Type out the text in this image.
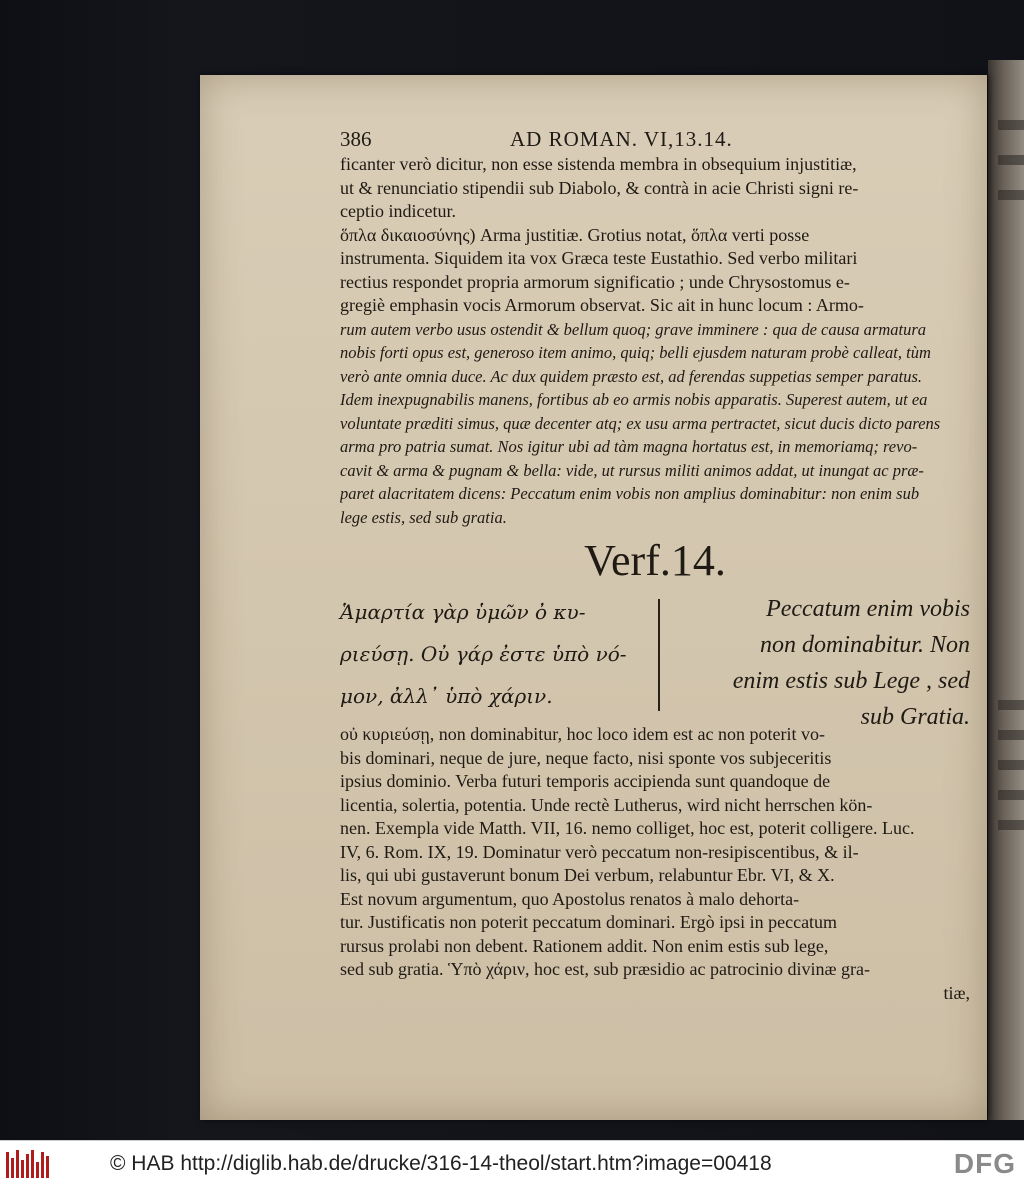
386	AD ROMAN. VI,13.14.
ficanter verò dicitur, non esse sistenda membra in obsequium injustitiæ,
ut & renunciatio stipendii sub Diabolo, & contrà in acie Christi signi re-
ceptio indicetur.
ὅπλα δικαιοσύνης) Arma justitiæ. Grotius notat, ὅπλα verti posse
instrumenta. Siquidem ita vox Græca teste Eustathio. Sed verbo militari
rectius respondet propria armorum significatio ; unde Chrysostomus e-
gregiè emphasin vocis Armorum observat. Sic ait in hunc locum : Armo-
rum autem verbo usus ostendit & bellum quoq; grave imminere : qua de causa armatura
nobis forti opus est, generoso item animo, quiq; belli ejusdem naturam probè calleat, tùm
verò ante omnia duce. Ac dux quidem præsto est, ad ferendas suppetias semper paratus.
Idem inexpugnabilis manens, fortibus ab eo armis nobis apparatis. Superest autem, ut ea
voluntate præditi simus, quæ decenter atq; ex usu arma pertractet, sicut ducis dicto parens
arma pro patria sumat. Nos igitur ubi ad tàm magna hortatus est, in memoriamq; revo-
cavit & arma & pugnam & bella: vide, ut rursus militi animos addat, ut inungat ac præ-
paret alacritatem dicens: Peccatum enim vobis non amplius dominabitur: non enim sub
lege estis, sed sub gratia.
Verf.14.
Ἁμαρτία γὰρ ὑμῶν ὀ κυ-
ριεύσῃ. Οὐ γάρ ἐστε ὑπὸ νό-
μον, ἀλλ᾽ ὑπὸ χάριν.
Peccatum enim vobis
non dominabitur. Non
enim estis sub Lege , sed
sub Gratia.
οὐ κυριεύσῃ, non dominabitur, hoc loco idem est ac non poterit vo-
bis dominari, neque de jure, neque facto, nisi sponte vos subjeceritis
ipsius dominio. Verba futuri temporis accipienda sunt quandoque de
licentia, solertia, potentia. Unde rectè Lutherus, wird nicht herrschen kön-
nen. Exempla vide Matth. VII, 16. nemo colliget, hoc est, poterit colligere. Luc.
IV, 6. Rom. IX, 19. Dominatur verò peccatum non-resipiscentibus, & il-
lis, qui ubi gustaverunt bonum Dei verbum, relabuntur Ebr. VI, & X.
Est novum argumentum, quo Apostolus renatos à malo dehorta-
tur. Justificatis non poterit peccatum dominari. Ergò ipsi in peccatum
rursus prolabi non debent. Rationem addit. Non enim estis sub lege,
sed sub gratia. Ὑπὸ χάριν, hoc est, sub præsidio ac patrocinio divinæ gra-
tiæ,
© HAB http://diglib.hab.de/drucke/316-14-theol/start.htm?image=00418	DFG
